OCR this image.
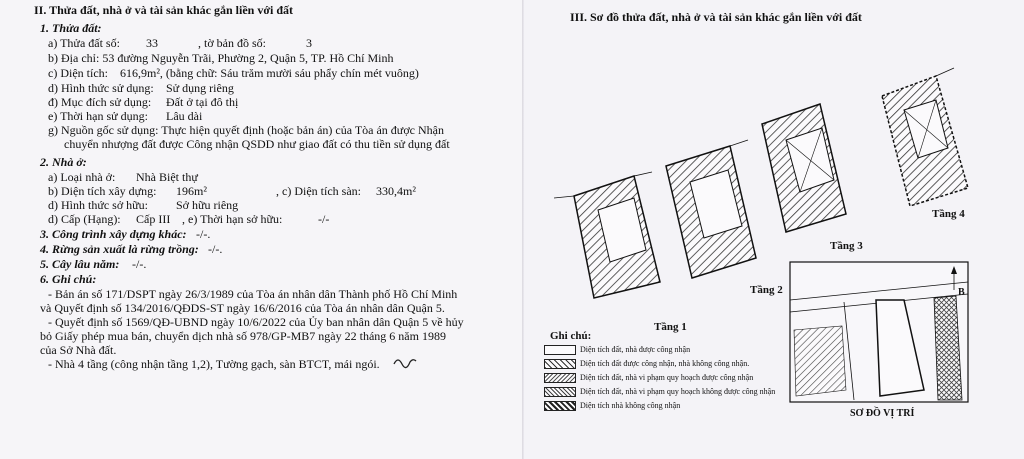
II. Thửa đất, nhà ở và tài sản khác gắn liền với đất
1. Thửa đất:
a) Thửa đất số: 33	, tờ bản đồ số:	3
b) Địa chỉ: 53 đường Nguyễn Trãi, Phường 2, Quận 5, TP. Hồ Chí Minh
c) Diện tích: 616,9m², (bằng chữ: Sáu trăm mười sáu phẩy chín mét vuông)
d) Hình thức sử dụng: Sử dụng riêng
đ) Mục đích sử dụng: Đất ở tại đô thị
e) Thời hạn sử dụng: Lâu dài
g) Nguồn gốc sử dụng: Thực hiện quyết định (hoặc bản án) của Tòa án được Nhận
chuyển nhượng đất được Công nhận QSDD như giao đất có thu tiền sử dụng đất
2. Nhà ở:
a) Loại nhà ở: Nhà Biệt thự
b) Diện tích xây dựng: 196m²	, c) Diện tích sàn: 330,4m²
d) Hình thức sở hữu: Sở hữu riêng
d) Cấp (Hạng): Cấp III , e) Thời hạn sở hữu:	-/-
3. Công trình xây dựng khác: -/-.
4. Rừng sản xuất là rừng trồng: -/-.
5. Cây lâu năm: -/-.
6. Ghi chú:
- Bản án số 171/DSPT ngày 26/3/1989 của Tòa án nhân dân Thành phố Hồ Chí Minh
và Quyết định số 134/2016/QĐDS-ST ngày 16/6/2016 của Tòa án nhân dân Quận 5.
- Quyết định số 1569/QĐ-UBND ngày 10/6/2022 của Ủy ban nhân dân Quận 5 về hủy
bỏ Giấy phép mua bán, chuyển dịch nhà số 978/GP-MB7 ngày 22 tháng 6 năm 1989
của Sở Nhà đất.
- Nhà 4 tầng (công nhận tầng 1,2), Tường gạch, sàn BTCT, mái ngói.
III. Sơ đồ thửa đất, nhà ở và tài sản khác gắn liền với đất
Tầng 1
Tầng 2
Tầng 3
Tầng 4
B
SƠ ĐỒ VỊ TRÍ
Ghi chú:
Diện tích đất, nhà được công nhận
Diện tích đất được công nhận, nhà không công nhận.
Diện tích đất, nhà vi phạm quy hoạch được công nhận
Diện tích đất, nhà vi phạm quy hoạch không được công nhận
Diện tích nhà không công nhận
